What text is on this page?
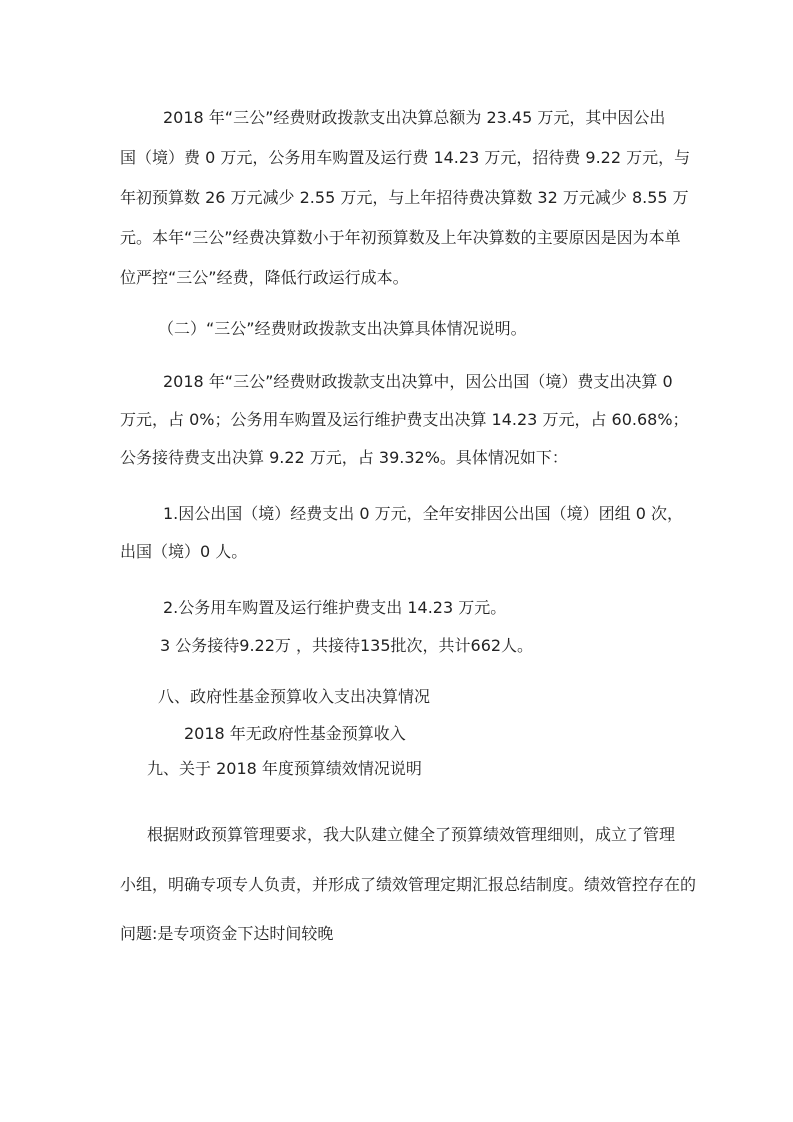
2018 年“三公”经费财政拨款支出决算总额为 23.45 万元，其中因公出
国（境）费 0 万元，公务用车购置及运行费 14.23 万元，招待费 9.22 万元，与
年初预算数 26 万元减少 2.55 万元，与上年招待费决算数 32 万元减少 8.55 万
元。本年“三公”经费决算数小于年初预算数及上年决算数的主要原因是因为本单
位严控“三公”经费，降低行政运行成本。
（二）“三公”经费财政拨款支出决算具体情况说明。
2018 年“三公”经费财政拨款支出决算中，因公出国（境）费支出决算 0
万元，占 0%；公务用车购置及运行维护费支出决算 14.23 万元，占 60.68%；
公务接待费支出决算 9.22 万元，占 39.32%。具体情况如下：
1.因公出国（境）经费支出 0 万元，全年安排因公出国（境）团组 0 次，
出国（境）0 人。
2.公务用车购置及运行维护费支出 14.23 万元。
3 公务接待9.22万 ，共接待135批次，共计662人。
八、政府性基金预算收入支出决算情况
2018 年无政府性基金预算收入
九、关于 2018 年度预算绩效情况说明
根据财政预算管理要求，我大队建立健全了预算绩效管理细则，成立了管理
小组，明确专项专人负责，并形成了绩效管理定期汇报总结制度。绩效管控存在的
问题:是专项资金下达时间较晚
